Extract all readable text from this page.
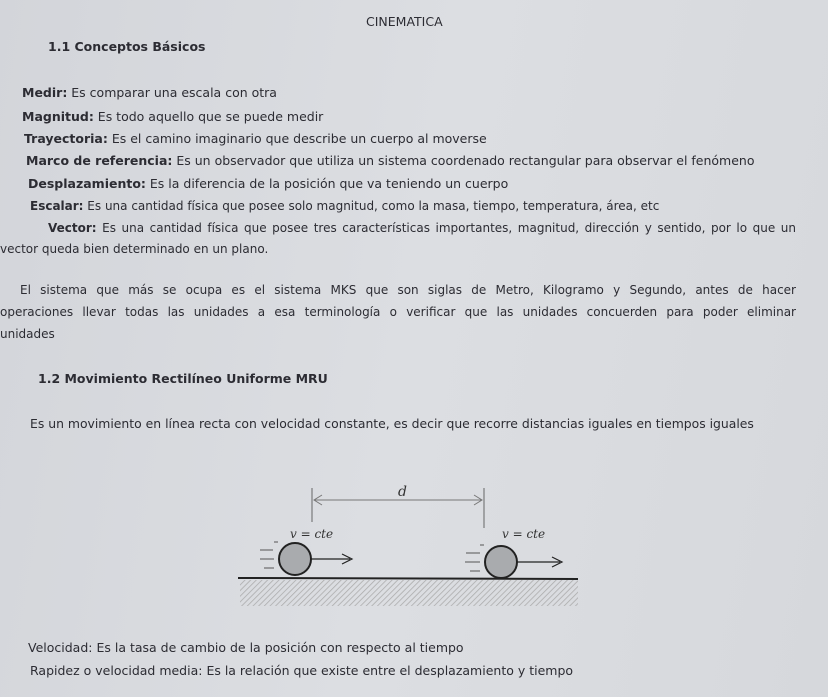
CINEMATICA
1.1 Conceptos Básicos
Medir: Es comparar una escala con otra
Magnitud: Es todo aquello que se puede medir
Trayectoria: Es el camino imaginario que describe un cuerpo al moverse
Marco de referencia: Es un observador que utiliza un sistema coordenado rectangular para observar el fenómeno
Desplazamiento: Es la diferencia de la posición que va teniendo un cuerpo
Escalar: Es una cantidad física que posee solo magnitud, como la masa, tiempo, temperatura, área, etc
Vector: Es una cantidad física que posee tres características importantes, magnitud, dirección y sentido, por lo que un
vector queda bien determinado en un plano.
El sistema que más se ocupa es el sistema MKS que son siglas de Metro, Kilogramo y Segundo, antes de hacer
operaciones llevar todas las unidades a esa terminología o verificar que las unidades concuerden para poder eliminar
unidades
1.2 Movimiento Rectilíneo Uniforme MRU
Es un movimiento en línea recta con velocidad constante, es decir que recorre distancias iguales en tiempos iguales
d
v = cte	v = cte
Velocidad: Es la tasa de cambio de la posición con respecto al tiempo
Rapidez o velocidad media: Es la relación que existe entre el desplazamiento y tiempo
